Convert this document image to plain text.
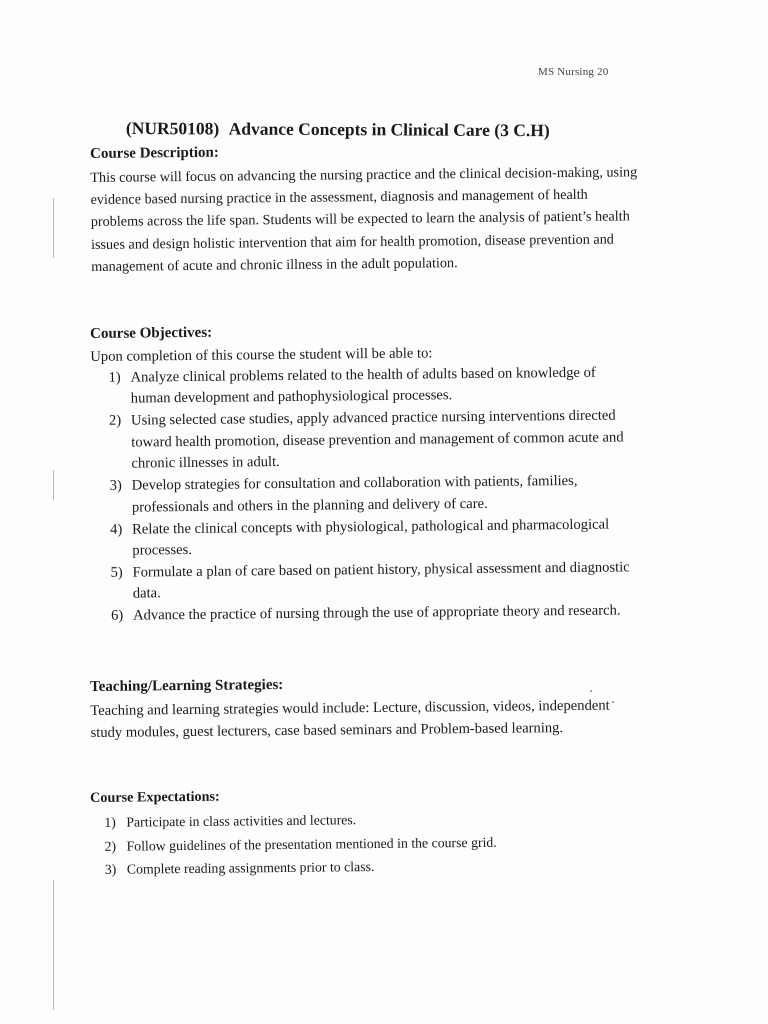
MS Nursing 20
(NUR50108) Advance Concepts in Clinical Care (3 C.H)
Course Description:

This course will focus on advancing the nursing practice and the clinical decision-making, using evidence based nursing practice in the assessment, diagnosis and management of health problems across the life span. Students will be expected to learn the analysis of patient’s health issues and design holistic intervention that aim for health promotion, disease prevention and management of acute and chronic illness in the adult population.

Course Objectives:

Upon completion of this course the student will be able to:

1) Analyze clinical problems related to the health of adults based on knowledge of human development and pathophysiological processes.
2) Using selected case studies, apply advanced practice nursing interventions directed toward health promotion, disease prevention and management of common acute and chronic illnesses in adult.
3) Develop strategies for consultation and collaboration with patients, families, professionals and others in the planning and delivery of care.
4) Relate the clinical concepts with physiological, pathological and pharmacological processes.
5) Formulate a plan of care based on patient history, physical assessment and diagnostic data.
6) Advance the practice of nursing through the use of appropriate theory and research.
Teaching/Learning Strategies:

Teaching and learning strategies would include: Lecture, discussion, videos, independent study modules, guest lecturers, case based seminars and Problem-based learning.

Course Expectations:
1) Participate in class activities and lectures.
2) Follow guidelines of the presentation mentioned in the course grid.
3) Complete reading assignments prior to class.
